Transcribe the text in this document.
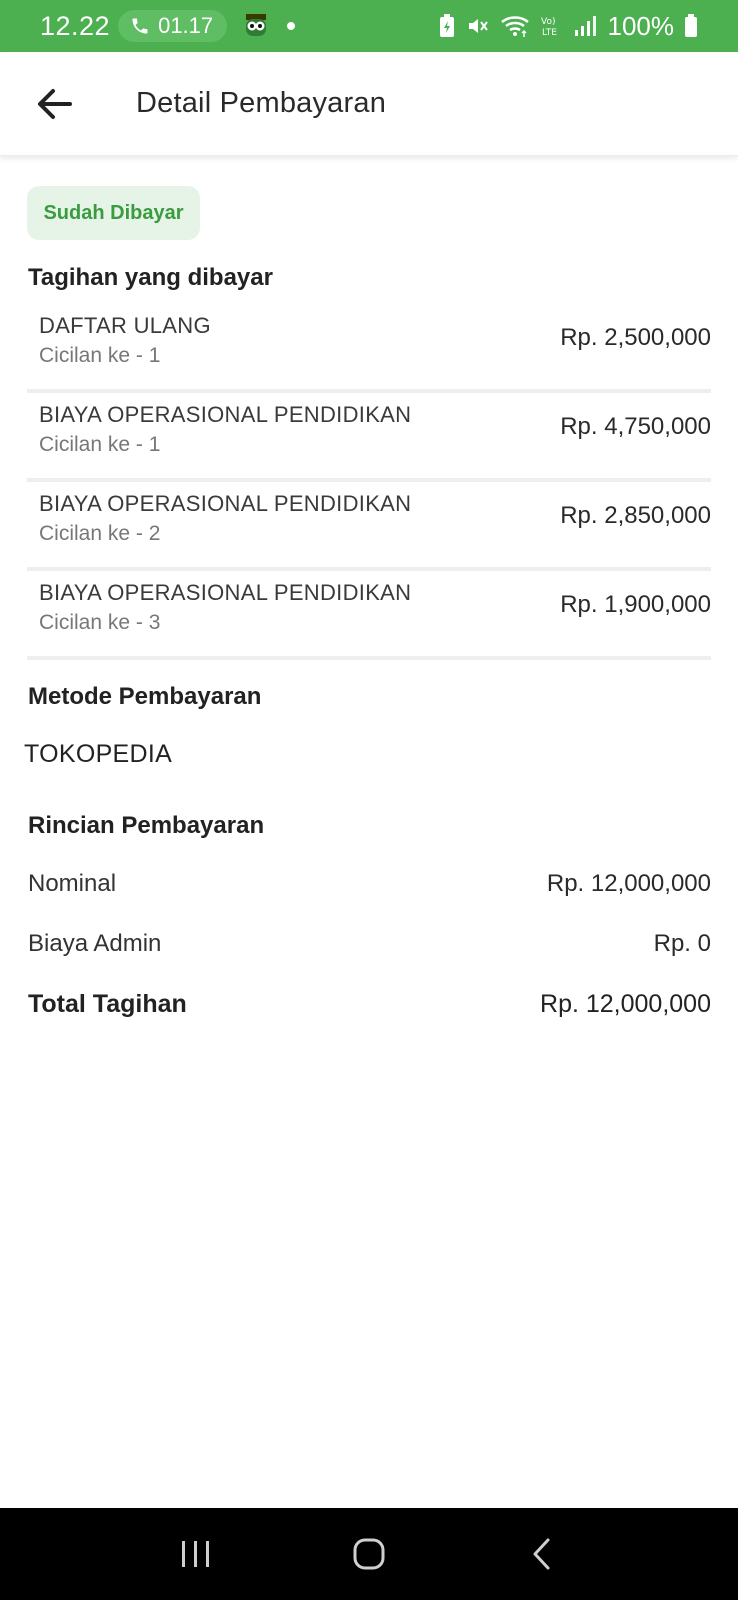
12.22 01.17	Vo)
LTE 100%
Detail Pembayaran
Sudah Dibayar
Tagihan yang dibayar
DAFTAR ULANG
Cicilan ke - 1
Rp. 2,500,000
BIAYA OPERASIONAL PENDIDIKAN
Cicilan ke - 1
Rp. 4,750,000
BIAYA OPERASIONAL PENDIDIKAN
Cicilan ke - 2
Rp. 2,850,000
BIAYA OPERASIONAL PENDIDIKAN
Cicilan ke - 3
Rp. 1,900,000
Metode Pembayaran
TOKOPEDIA
Rincian Pembayaran
Nominal	Rp. 12,000,000
Biaya Admin	Rp. 0
Total Tagihan	Rp. 12,000,000
